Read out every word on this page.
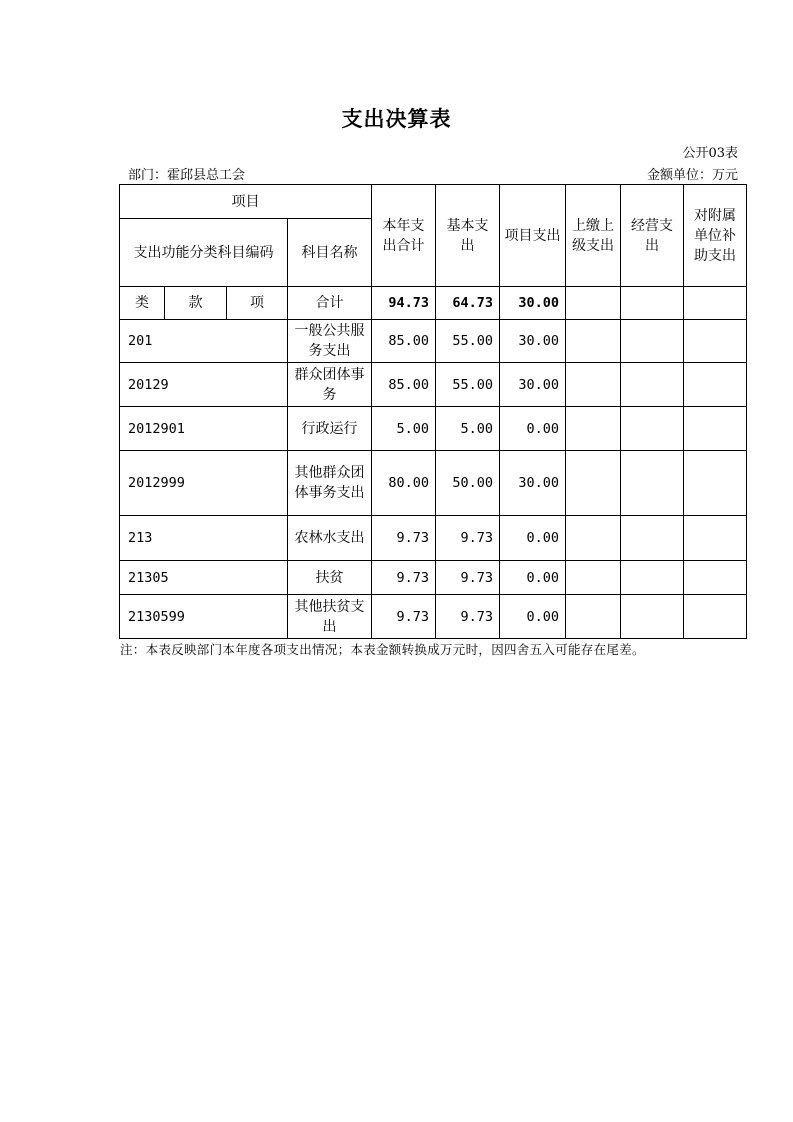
支出决算表
公开03表
部门：霍邱县总工会	金额单位：万元
项目				本年支出合计	基本支出	项目支出	上缴上级支出	经营支出	对附属单位补助支出
支出功能分类科目编码			科目名称						
类	款	项	合计	94.73	64.73	30.00			
201			一般公共服务支出	85.00	55.00	30.00			
20129			群众团体事务	85.00	55.00	30.00			
2012901			行政运行	5.00	5.00	0.00			
2012999			其他群众团体事务支出	80.00	50.00	30.00			
213			农林水支出	9.73	9.73	0.00			
21305			扶贫	9.73	9.73	0.00			
2130599			其他扶贫支出	9.73	9.73	0.00			
注：本表反映部门本年度各项支出情况；本表金额转换成万元时，因四舍五入可能存在尾差。
